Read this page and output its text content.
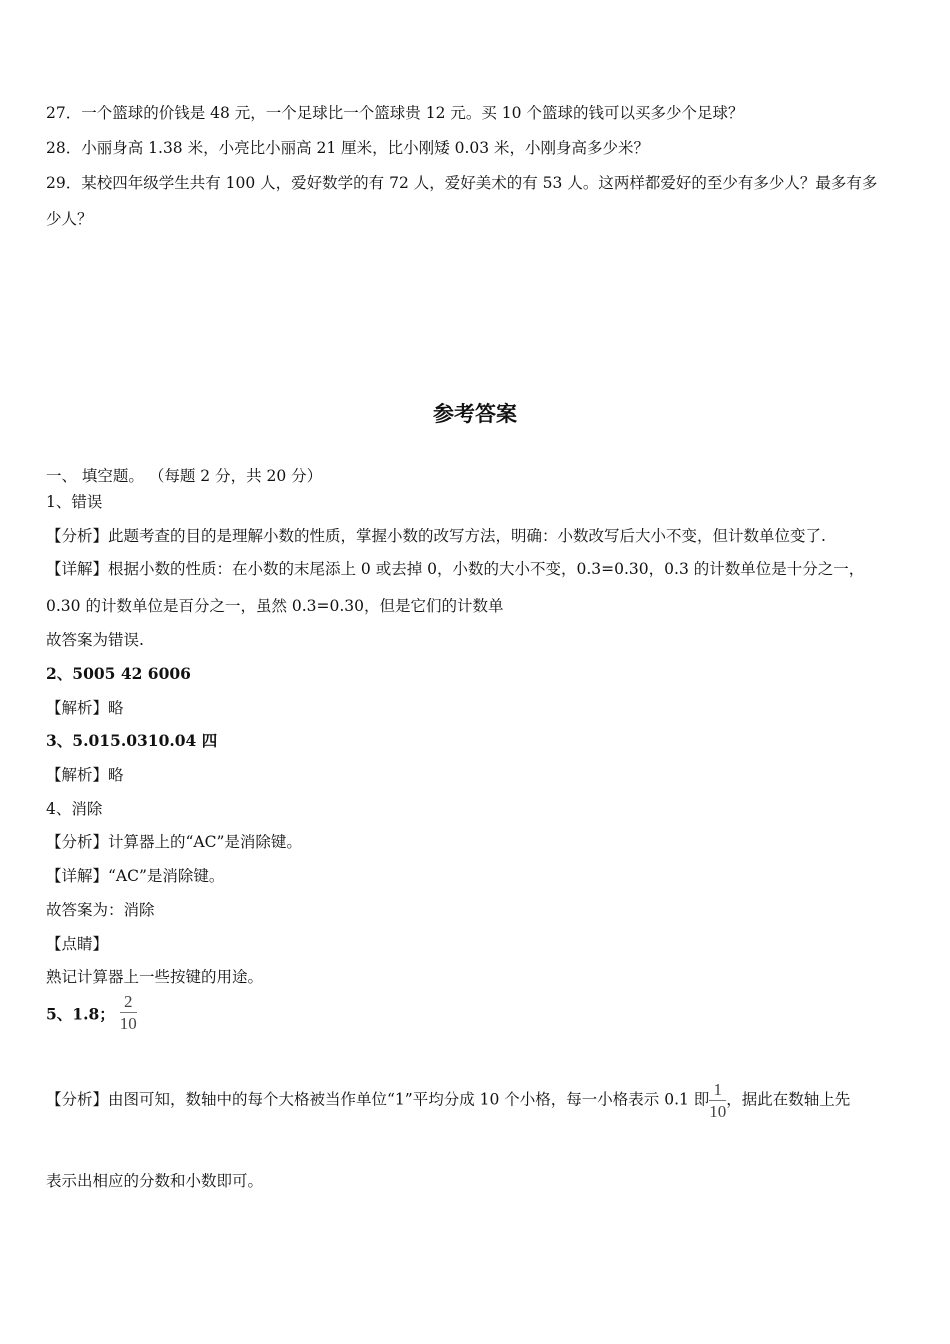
27．一个篮球的价钱是 48 元，一个足球比一个篮球贵 12 元。买 10 个篮球的钱可以买多少个足球？
28．小丽身高 1.38 米，小亮比小丽高 21 厘米，比小刚矮 0.03 米，小刚身高多少米？
29．某校四年级学生共有 100 人，爱好数学的有 72 人，爱好美术的有 53 人。这两样都爱好的至少有多少人？最多有多
少人？
参考答案
一、 填空题。 （每题 2 分，共 20 分）
1、错误
【分析】此题考查的目的是理解小数的性质，掌握小数的改写方法，明确：小数改写后大小不变，但计数单位变了.
【详解】根据小数的性质：在小数的末尾添上 0 或去掉 0，小数的大小不变，0.3=0.30，0.3 的计数单位是十分之一，
0.30 的计数单位是百分之一，虽然 0.3=0.30，但是它们的计数单
故答案为错误.
2、5005 42 6006
【解析】略
3、5.015.0310.04 四
【解析】略
4、消除
【分析】计算器上的“AC”是消除键。
【详解】“AC”是消除键。
故答案为：消除
【点睛】
熟记计算器上一些按键的用途。
5、1.8； $\frac{2}{10}$
【分析】由图可知，数轴中的每个大格被当作单位“1”平均分成 10 个小格，每一小格表示 0.1 即 $\frac{1}{10}$ ，据此在数轴上先
表示出相应的分数和小数即可。
